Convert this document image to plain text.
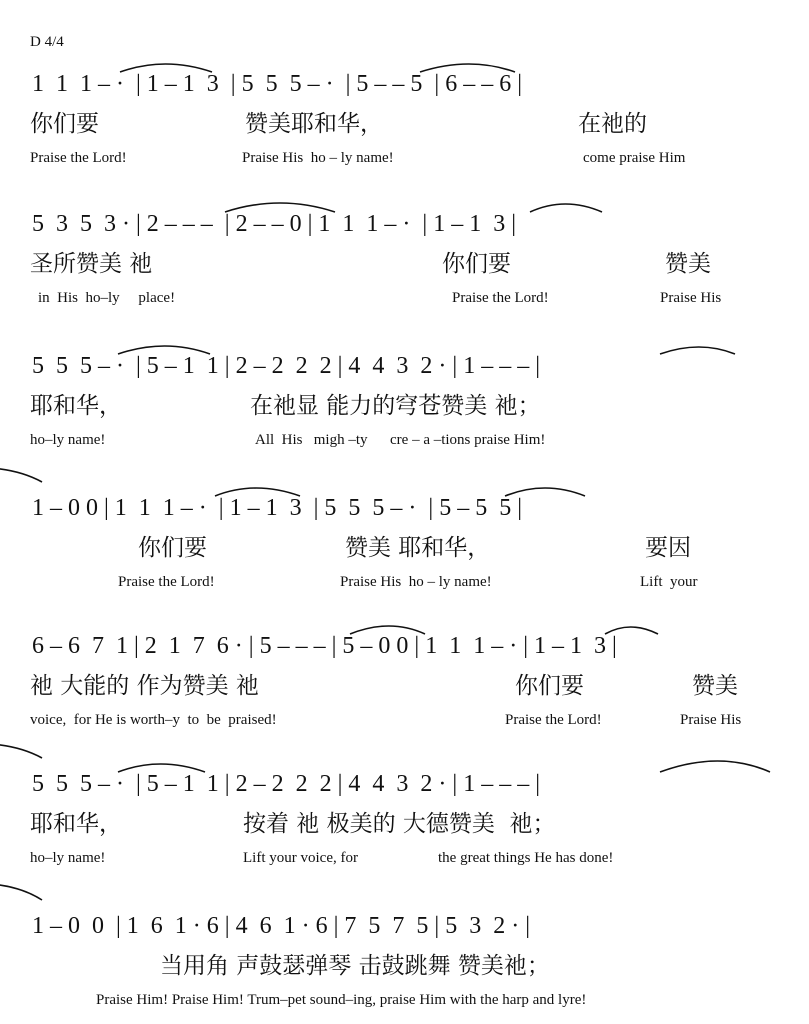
D 4/4
1  1  1 – ·  | 1 – 1  3  | 5  5  5 – ·  | 5 – – 5  | 6 – – 6 |
你们要	赞美耶和华，	在祂的
Praise the Lord!	Praise His  ho – ly name!	come praise Him
5  3  5  3 · | 2 – – –  | 2 – – 0 | 1  1  1 – ·  | 1 – 1  3 |
圣所赞美 祂	你们要	赞美
in  His  ho–ly     place!	Praise the Lord!	Praise His
5  5  5 – ·  | 5 – 1  1 | 2 – 2  2  2 | 4  4  3  2 · | 1 – – – |
耶和华，	在祂显 能力的穹苍赞美 祂；
ho–ly name!	All  His   migh –ty      cre – a –tions praise Him!
1 – 0 0 | 1  1  1 – ·  | 1 – 1  3  | 5  5  5 – ·  | 5 – 5  5 |
你们要	赞美 耶和华，	要因
Praise the Lord!	Praise His  ho – ly name!	Lift  your
6 – 6  7  1 | 2  1  7  6 · | 5 – – – | 5 – 0 0 | 1  1  1 – · | 1 – 1  3 |
祂 大能的 作为赞美 祂	你们要	赞美
voice,  for He is worth–y  to  be  praised!	Praise the Lord!	Praise His
5  5  5 – ·  | 5 – 1  1 | 2 – 2  2  2 | 4  4  3  2 · | 1 – – – |
耶和华，	按着 祂 极美的 大德赞美  祂；
ho–ly name!	Lift your voice, for	the great things He has done!
1 – 0  0  | 1  6  1 · 6 | 4  6  1 · 6 | 7  5  7  5 | 5  3  2 · |
当用角 声鼓瑟弹琴 击鼓跳舞 赞美祂；
Praise Him! Praise Him! Trum–pet sound–ing, praise Him with the harp and lyre!
